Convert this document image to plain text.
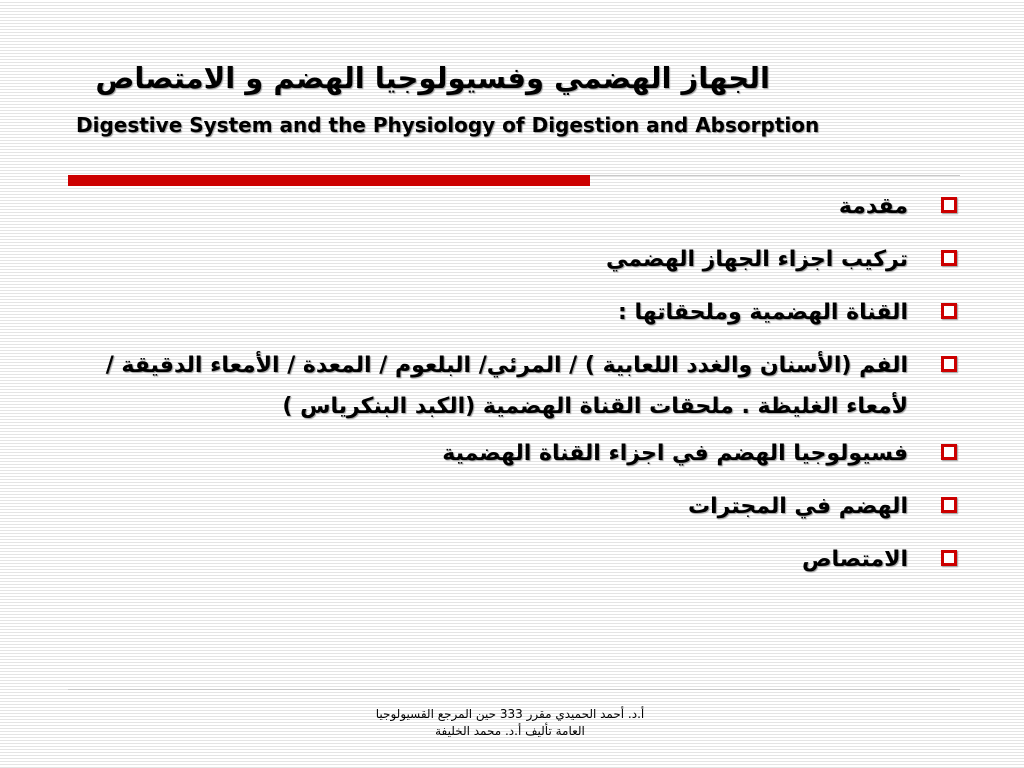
الجهاز الهضمي وفسيولوجيا الهضم و الامتصاص
Digestive System and the Physiology of Digestion and Absorption
مقدمة
تركيب اجزاء الجهاز الهضمي
القناة الهضمية وملحقاتها :
الفم (الأسنان والغدد اللعابية ) / المرئي/ البلعوم / المعدة / الأمعاء الدقيقة / لأمعاء الغليظة . ملحقات القناة الهضمية (الكبد البنكرياس )
فسيولوجيا الهضم في اجزاء القناة الهضمية
الهضم في المجترات
الامتصاص
أ.د. أحمد الحميدي مقرر 333 حين المرجع القسيولوجيا
العامة تأليف أ.د. محمد الخليفة
